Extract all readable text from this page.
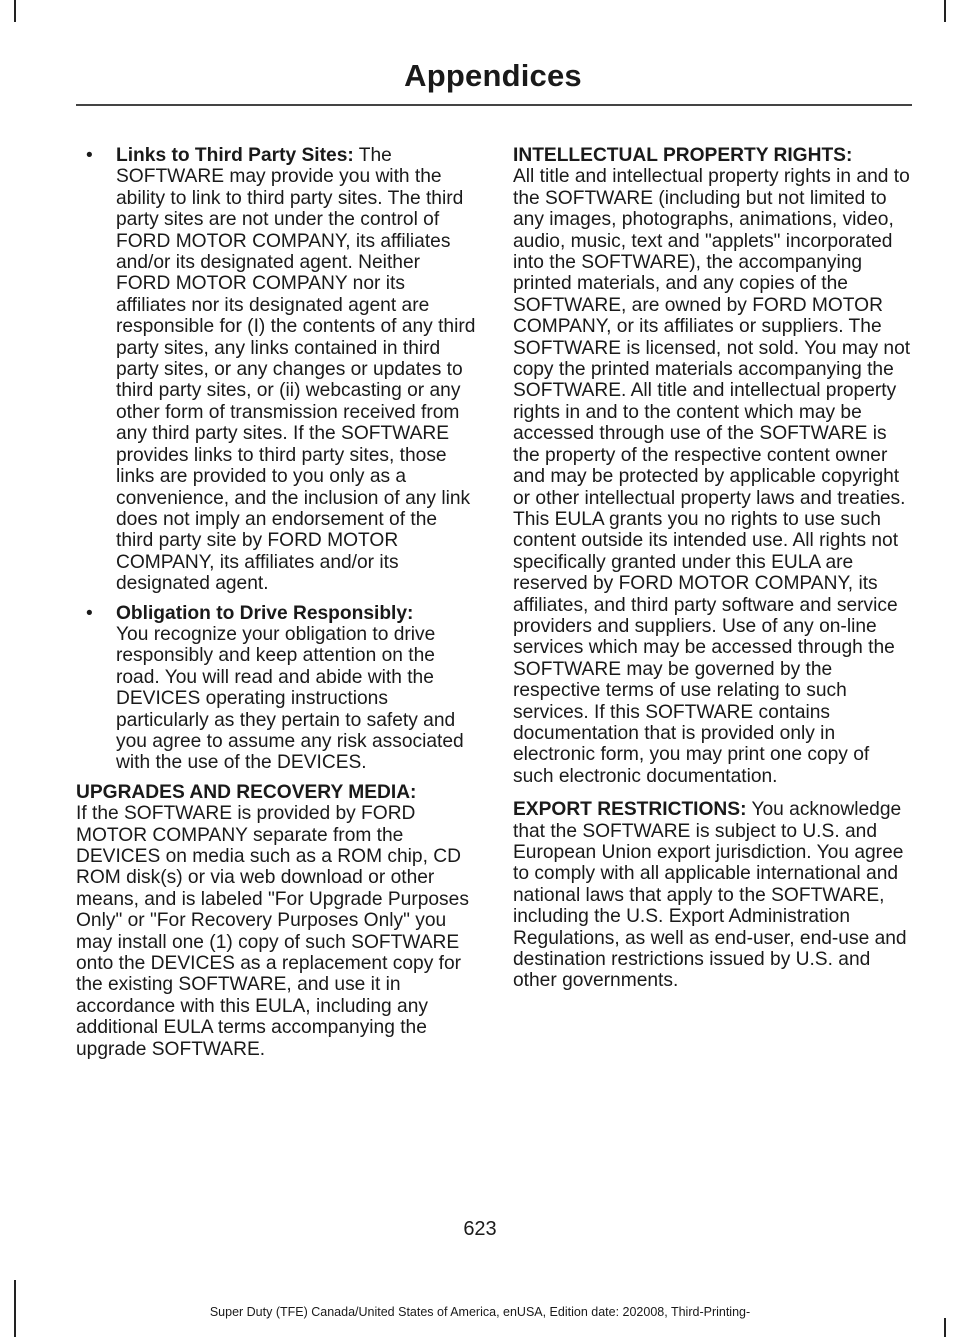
Appendices
• Links to Third Party Sites: The SOFTWARE may provide you with the ability to link to third party sites. The third party sites are not under the control of FORD MOTOR COMPANY, its affiliates and/or its designated agent. Neither FORD MOTOR COMPANY nor its affiliates nor its designated agent are responsible for (I) the contents of any third party sites, any links contained in third party sites, or any changes or updates to third party sites, or (ii) webcasting or any other form of transmission received from any third party sites. If the SOFTWARE provides links to third party sites, those links are provided to you only as a convenience, and the inclusion of any link does not imply an endorsement of the third party site by FORD MOTOR COMPANY, its affiliates and/or its designated agent.
• Obligation to Drive Responsibly:
You recognize your obligation to drive responsibly and keep attention on the road. You will read and abide with the DEVICES operating instructions particularly as they pertain to safety and you agree to assume any risk associated with the use of the DEVICES.

UPGRADES AND RECOVERY MEDIA:
If the SOFTWARE is provided by FORD MOTOR COMPANY separate from the DEVICES on media such as a ROM chip, CD ROM disk(s) or via web download or other means, and is labeled "For Upgrade Purposes Only" or "For Recovery Purposes Only" you may install one (1) copy of such SOFTWARE onto the DEVICES as a replacement copy for the existing SOFTWARE, and use it in accordance with this EULA, including any additional EULA terms accompanying the upgrade SOFTWARE.

INTELLECTUAL PROPERTY RIGHTS:
All title and intellectual property rights in and to the SOFTWARE (including but not limited to any images, photographs, animations, video, audio, music, text and "applets" incorporated into the SOFTWARE), the accompanying printed materials, and any copies of the SOFTWARE, are owned by FORD MOTOR COMPANY, or its affiliates or suppliers. The SOFTWARE is licensed, not sold. You may not copy the printed materials accompanying the SOFTWARE. All title and intellectual property rights in and to the content which may be accessed through use of the SOFTWARE is the property of the respective content owner and may be protected by applicable copyright or other intellectual property laws and treaties. This EULA grants you no rights to use such content outside its intended use. All rights not specifically granted under this EULA are reserved by FORD MOTOR COMPANY, its affiliates, and third party software and service providers and suppliers. Use of any on-line services which may be accessed through the SOFTWARE may be governed by the respective terms of use relating to such services. If this SOFTWARE contains documentation that is provided only in electronic form, you may print one copy of such electronic documentation.

EXPORT RESTRICTIONS: You acknowledge that the SOFTWARE is subject to U.S. and European Union export jurisdiction. You agree to comply with all applicable international and national laws that apply to the SOFTWARE, including the U.S. Export Administration Regulations, as well as end-user, end-use and destination restrictions issued by U.S. and other governments.

623
Super Duty (TFE) Canada/United States of America, enUSA, Edition date: 202008, Third-Printing-
